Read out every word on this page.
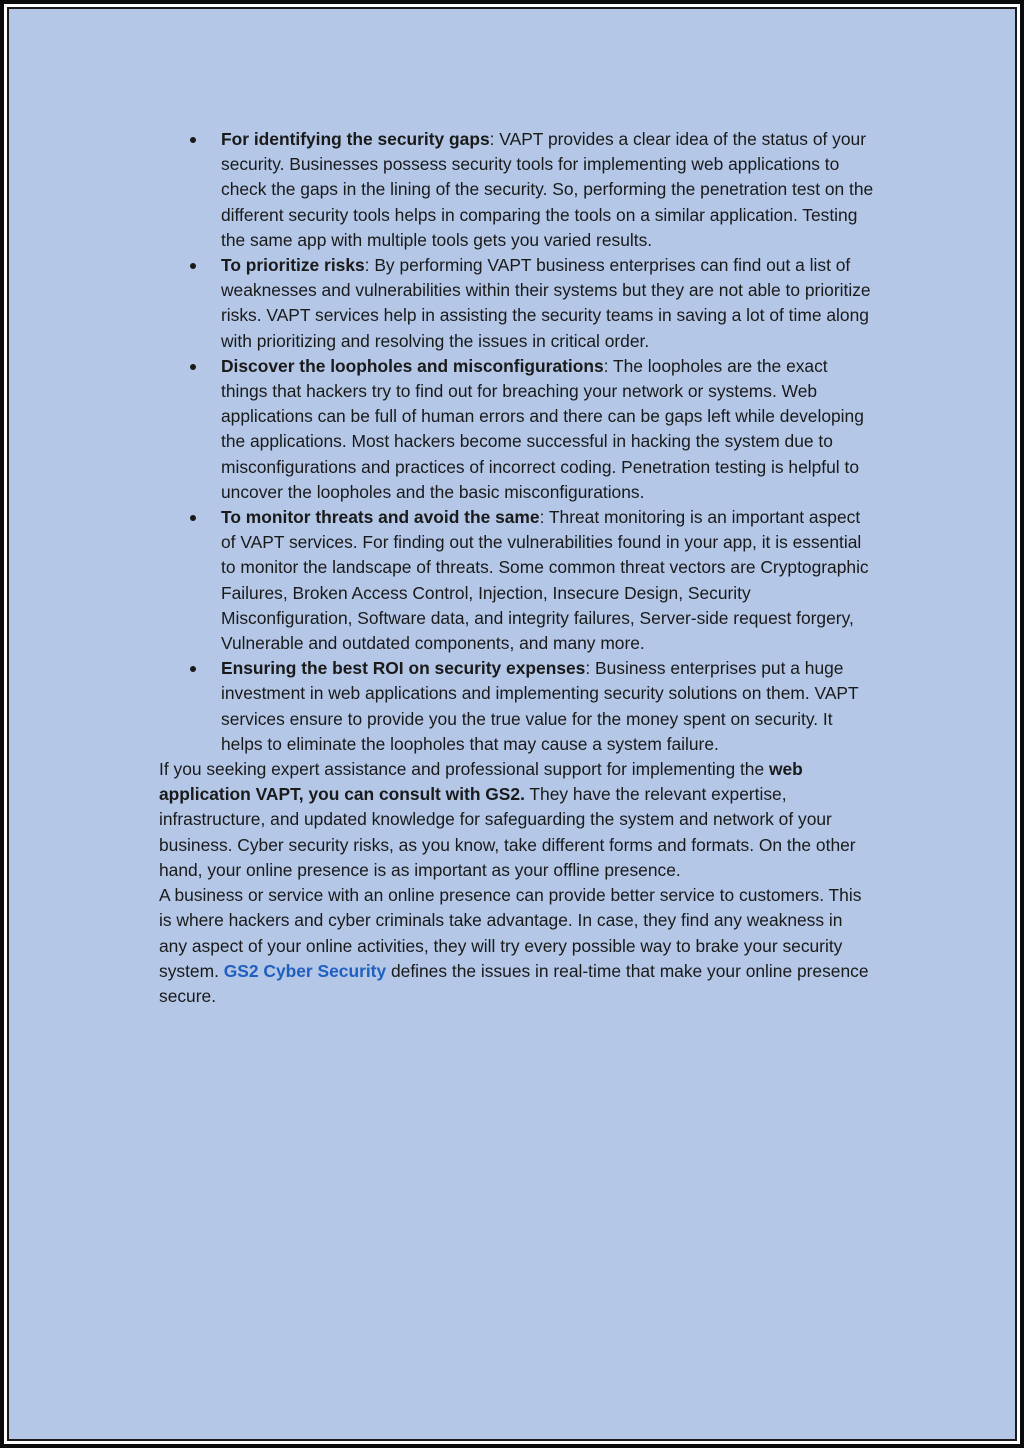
For identifying the security gaps: VAPT provides a clear idea of the status of your security. Businesses possess security tools for implementing web applications to check the gaps in the lining of the security. So, performing the penetration test on the different security tools helps in comparing the tools on a similar application. Testing the same app with multiple tools gets you varied results.
To prioritize risks: By performing VAPT business enterprises can find out a list of weaknesses and vulnerabilities within their systems but they are not able to prioritize risks. VAPT services help in assisting the security teams in saving a lot of time along with prioritizing and resolving the issues in critical order.
Discover the loopholes and misconfigurations: The loopholes are the exact things that hackers try to find out for breaching your network or systems. Web applications can be full of human errors and there can be gaps left while developing the applications. Most hackers become successful in hacking the system due to misconfigurations and practices of incorrect coding. Penetration testing is helpful to uncover the loopholes and the basic misconfigurations.
To monitor threats and avoid the same: Threat monitoring is an important aspect of VAPT services. For finding out the vulnerabilities found in your app, it is essential to monitor the landscape of threats. Some common threat vectors are Cryptographic Failures, Broken Access Control, Injection, Insecure Design, Security Misconfiguration, Software data, and integrity failures, Server-side request forgery, Vulnerable and outdated components, and many more.
Ensuring the best ROI on security expenses: Business enterprises put a huge investment in web applications and implementing security solutions on them. VAPT services ensure to provide you the true value for the money spent on security. It helps to eliminate the loopholes that may cause a system failure.

If you seeking expert assistance and professional support for implementing the web application VAPT, you can consult with GS2. They have the relevant expertise, infrastructure, and updated knowledge for safeguarding the system and network of your business. Cyber security risks, as you know, take different forms and formats. On the other hand, your online presence is as important as your offline presence.

A business or service with an online presence can provide better service to customers. This is where hackers and cyber criminals take advantage. In case, they find any weakness in any aspect of your online activities, they will try every possible way to brake your security system. GS2 Cyber Security defines the issues in real-time that make your online presence secure.
